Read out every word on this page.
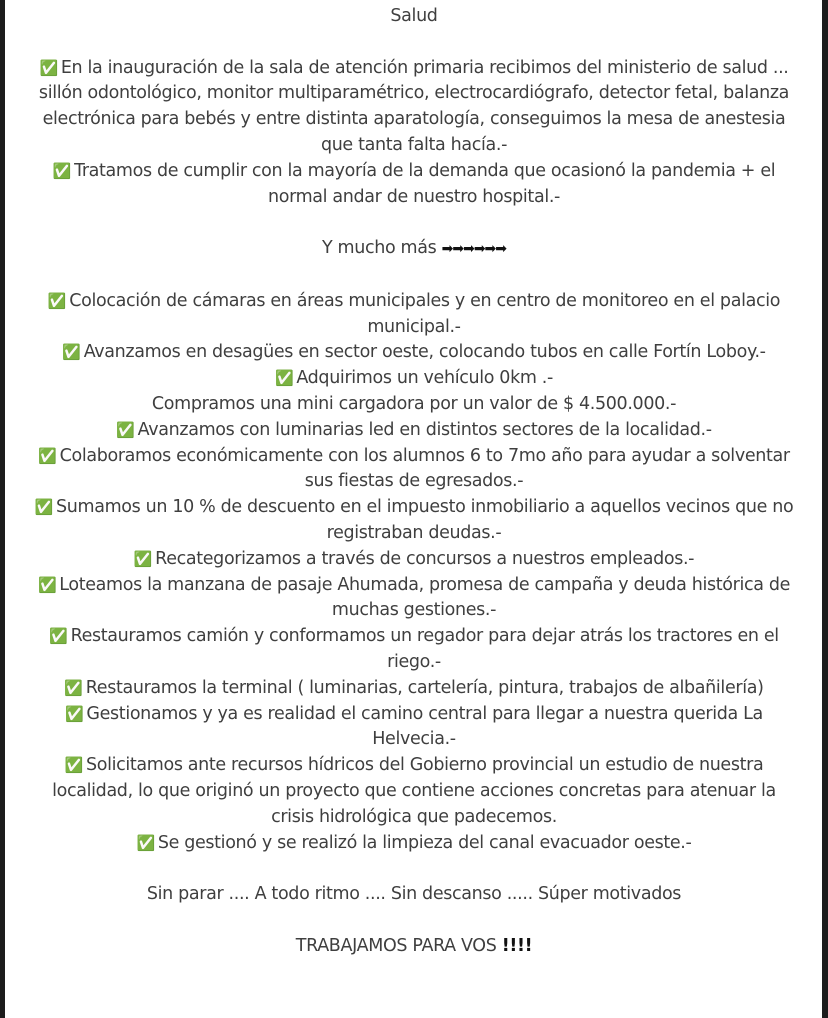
Salud

✅ En la inauguración de la sala de atención primaria recibimos del ministerio de salud ... sillón odontológico, monitor multiparamétrico, electrocardiógrafo, detector fetal, balanza electrónica para bebés y entre distinta aparatología, conseguimos la mesa de anestesia que tanta falta hacía.-

✅ Tratamos de cumplir con la mayoría de la demanda que ocasionó la pandemia + el normal andar de nuestro hospital.-

Y mucho más ➡➡➡➡➡➡

✅ Colocación de cámaras en áreas municipales y en centro de monitoreo en el palacio municipal.-

✅ Avanzamos en desagües en sector oeste, colocando tubos en calle Fortín Loboy.-

✅ Adquirimos un vehículo 0km .-

Compramos una mini cargadora por un valor de $ 4.500.000.-

✅ Avanzamos con luminarias led en distintos sectores de la localidad.-

✅ Colaboramos económicamente con los alumnos 6 to 7mo año para ayudar a solventar sus fiestas de egresados.-

✅ Sumamos un 10 % de descuento en el impuesto inmobiliario a aquellos vecinos que no registraban deudas.-

✅ Recategorizamos a través de concursos a nuestros empleados.-

✅ Loteamos la manzana de pasaje Ahumada, promesa de campaña y deuda histórica de muchas gestiones.-

✅ Restauramos camión y conformamos un regador para dejar atrás los tractores en el riego.-

✅ Restauramos la terminal ( luminarias, cartelería, pintura, trabajos de albañilería)

✅ Gestionamos y ya es realidad el camino central para llegar a nuestra querida La Helvecia.-

✅ Solicitamos ante recursos hídricos del Gobierno provincial un estudio de nuestra localidad, lo que originó un proyecto que contiene acciones concretas para atenuar la crisis hidrológica que padecemos.

✅ Se gestionó y se realizó la limpieza del canal evacuador oeste.-

Sin parar .... A todo ritmo .... Sin descanso ..... Súper motivados

TRABAJAMOS PARA VOS !!!!
